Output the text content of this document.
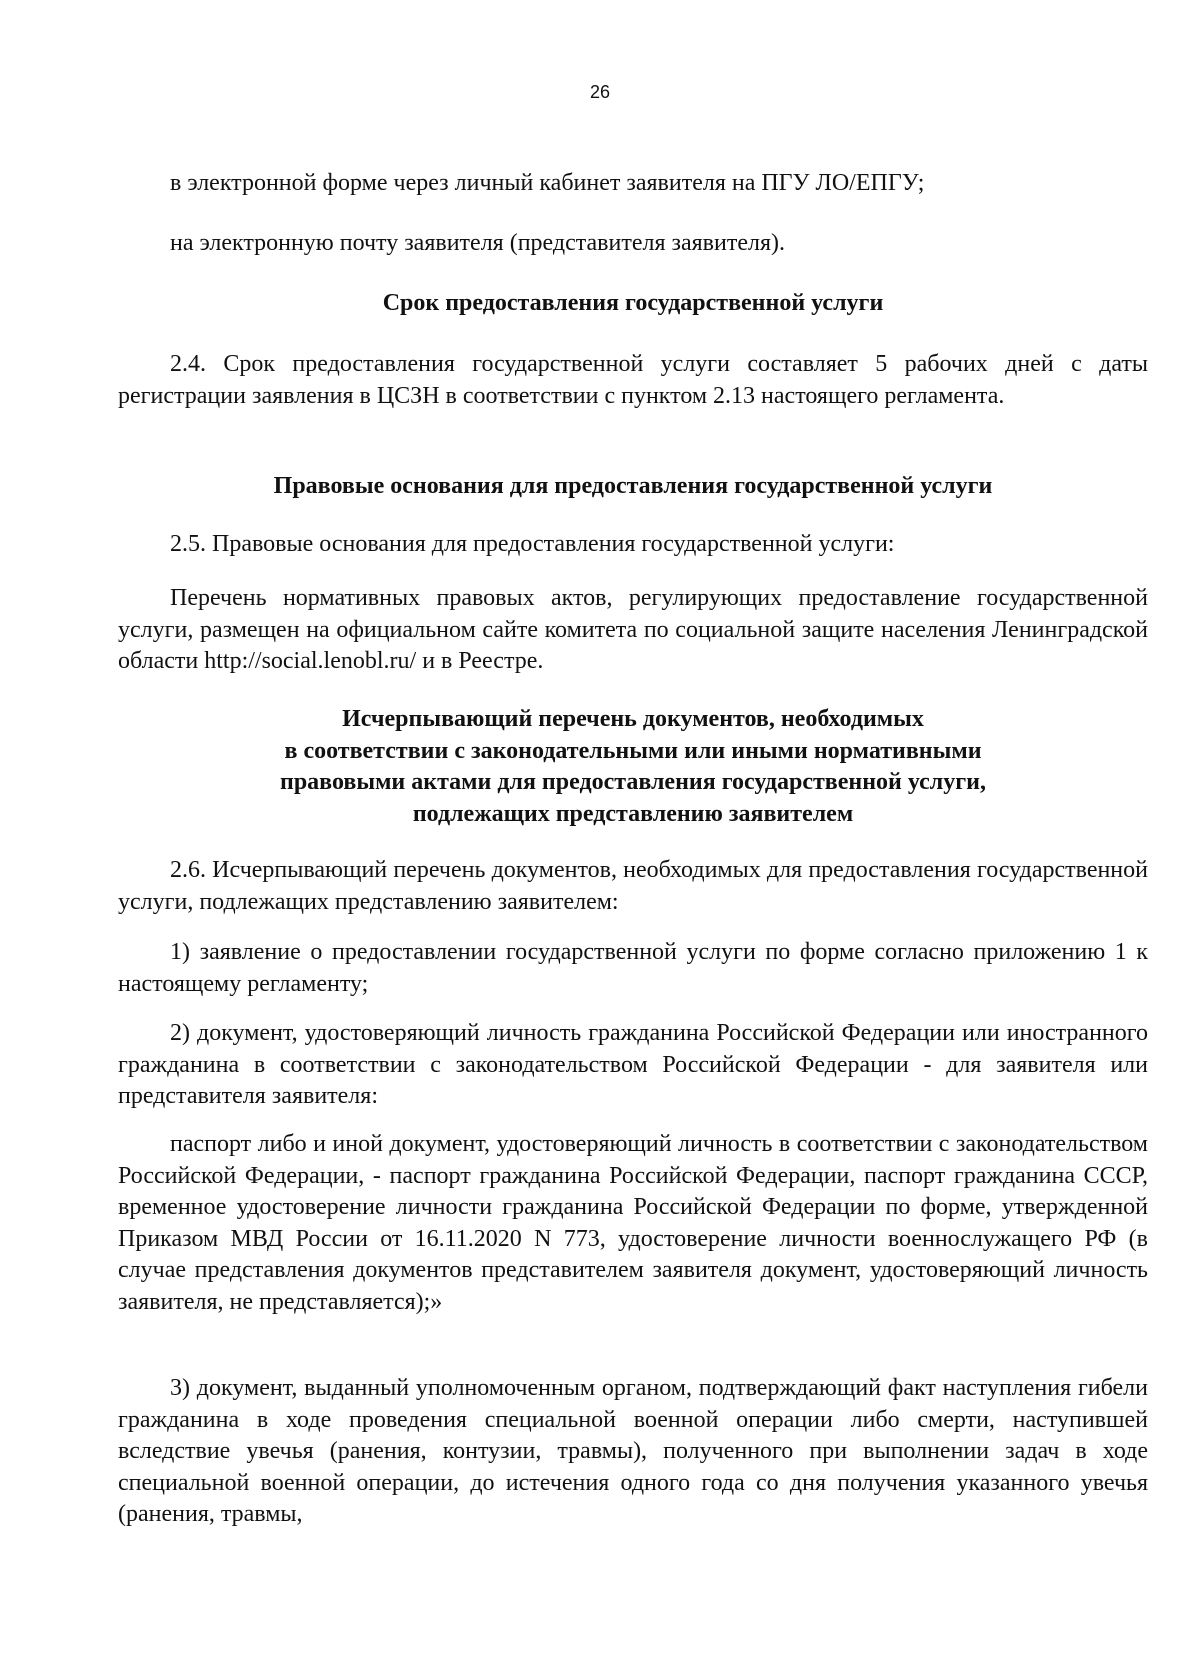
26

в электронной форме через личный кабинет заявителя на ПГУ ЛО/ЕПГУ;

на электронную почту заявителя (представителя заявителя).

Срок предоставления государственной услуги

2.4. Срок предоставления государственной услуги составляет 5 рабочих дней с даты регистрации заявления в ЦСЗН в соответствии с пунктом 2.13 настоящего регламента.

Правовые основания для предоставления государственной услуги

2.5. Правовые основания для предоставления государственной услуги:

Перечень нормативных правовых актов, регулирующих предоставление государственной услуги, размещен на официальном сайте комитета по социальной защите населения Ленинградской области http://social.lenobl.ru/ и в Реестре.

Исчерпывающий перечень документов, необходимых
в соответствии с законодательными или иными нормативными
правовыми актами для предоставления государственной услуги,
подлежащих представлению заявителем

2.6. Исчерпывающий перечень документов, необходимых для предоставления государственной услуги, подлежащих представлению заявителем:

1) заявление о предоставлении государственной услуги по форме согласно приложению 1 к настоящему регламенту;

2) документ, удостоверяющий личность гражданина Российской Федерации или иностранного гражданина в соответствии с законодательством Российской Федерации - для заявителя или представителя заявителя:

паспорт либо и иной документ, удостоверяющий личность в соответствии с законодательством Российской Федерации, - паспорт гражданина Российской Федерации, паспорт гражданина СССР, временное удостоверение личности гражданина Российской Федерации по форме, утвержденной Приказом МВД России от 16.11.2020 N 773, удостоверение личности военнослужащего РФ (в случае представления документов представителем заявителя документ, удостоверяющий личность заявителя, не представляется);»

3) документ, выданный уполномоченным органом, подтверждающий факт наступления гибели гражданина в ходе проведения специальной военной операции либо смерти, наступившей вследствие увечья (ранения, контузии, травмы), полученного при выполнении задач в ходе специальной военной операции, до истечения одного года со дня получения указанного увечья (ранения, травмы,
